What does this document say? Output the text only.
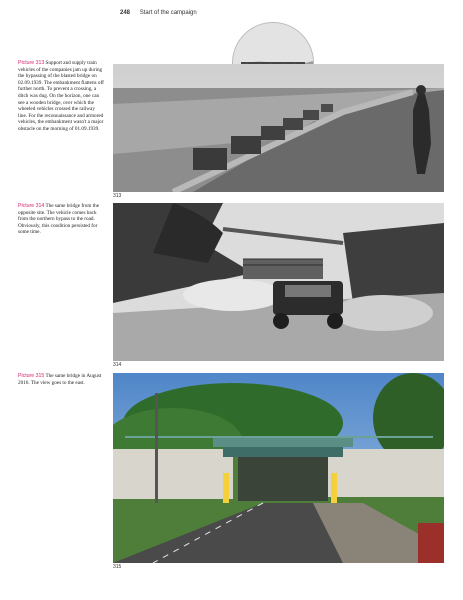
248 Start of the campaign
Picture 313 Support and supply train vehicles of the companies jam up during the bypassing of the blasted bridge on 02.09.1939. The embankment flattens off further north. To prevent a crossing, a ditch was dug. On the horizon, one can see a wooden bridge, over which the wheeled vehicles crossed the railway line. For the reconnaissance and armored vehicles, the embankment wasn't a major obstacle on the morning of 01.09.1939.
313
Picture 314 The same bridge from the opposite site. The vehicle comes back from the northern bypass to the road. Obviously, this condition persisted for some time.
314
Picture 315 The same bridge in August 2016. The view goes to the east.
315
